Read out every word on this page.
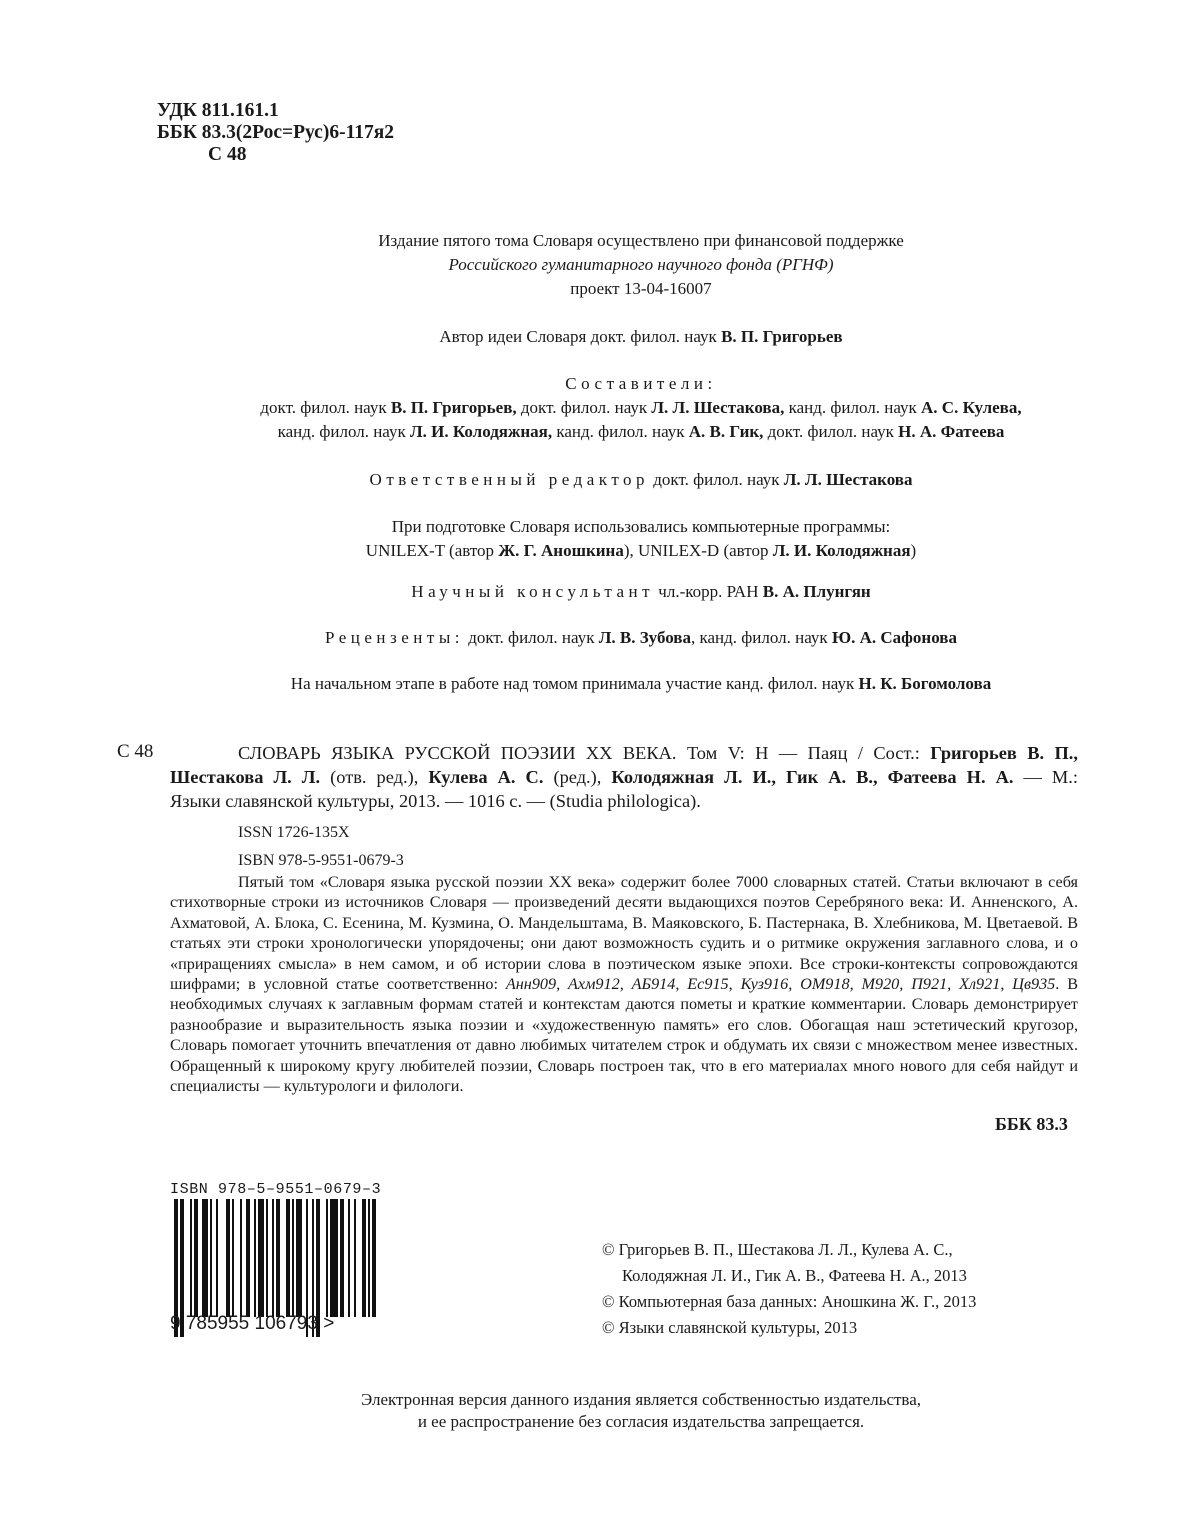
УДК 811.161.1
ББК 83.3(2Рос=Рус)6-117я2
С 48
Издание пятого тома Словаря осуществлено при финансовой поддержке
Российского гуманитарного научного фонда (РГНФ)
проект 13-04-16007
Автор идеи Словаря докт. филол. наук В. П. Григорьев
Составители:
докт. филол. наук В. П. Григорьев, докт. филол. наук Л. Л. Шестакова, канд. филол. наук А. С. Кулева,
канд. филол. наук Л. И. Колодяжная, канд. филол. наук А. В. Гик, докт. филол. наук Н. А. Фатеева
Ответственный редактор докт. филол. наук Л. Л. Шестакова
При подготовке Словаря использовались компьютерные программы:
UNILEX-T (автор Ж. Г. Аношкина), UNILEX-D (автор Л. И. Колодяжная)
Научный консультант чл.-корр. РАН В. А. Плунгян
Рецензенты: докт. филол. наук Л. В. Зубова, канд. филол. наук Ю. А. Сафонова
На начальном этапе в работе над томом принимала участие канд. филол. наук Н. К. Богомолова
С 48	СЛОВАРЬ ЯЗЫКА РУССКОЙ ПОЭЗИИ XX ВЕКА. Том V: Н — Паяц / Сост.: Григорьев В. П.,
Шестакова Л. Л. (отв. ред.), Кулева А. С. (ред.), Колодяжная Л. И., Гик А. В., Фатеева Н. А. — М.:
Языки славянской культуры, 2013. — 1016 с. — (Studia philologica).
ISSN 1726-135X
ISBN 978-5-9551-0679-3
Пятый том «Словаря языка русской поэзии XX века» содержит более 7000 словарных статей. Статьи включают в себя стихотворные строки из источников Словаря — произведений десяти выдающихся поэтов Серебряного века: И. Анненского, А. Ахматовой, А. Блока, С. Есенина, М. Кузмина, О. Мандельштама, В. Маяковского, Б. Пастернака, В. Хлебникова, М. Цветаевой. В статьях эти строки хронологически упорядочены; они дают возможность судить и о ритмике окружения заглавного слова, и о «приращениях смысла» в нем самом, и об истории слова в поэтическом языке эпохи. Все строки-контексты сопровождаются шифрами; в условной статье соответственно: Анн909, Ахм912, АБ914, Ес915, Куз916, ОМ918, М920, П921, Хл921, Цв935. В необходимых случаях к заглавным формам статей и контекстам даются пометы и краткие комментарии. Словарь демонстрирует разнообразие и выразительность языка поэзии и «художественную память» его слов. Обогащая наш эстетический кругозор, Словарь помогает уточнить впечатления от давно любимых читателем строк и обдумать их связи с множеством менее известных. Обращенный к широкому кругу любителей поэзии, Словарь построен так, что в его материалах много нового для себя найдут и специалисты — культурологи и филологи.
ББК 83.3
ISBN 978–5–9551–0679–3
9 785955 106793 >
© Григорьев В. П., Шестакова Л. Л., Кулева А. С.,
Колодяжная Л. И., Гик А. В., Фатеева Н. А., 2013
© Компьютерная база данных: Аношкина Ж. Г., 2013
© Языки славянской культуры, 2013
Электронная версия данного издания является собственностью издательства,
и ее распространение без согласия издательства запрещается.
